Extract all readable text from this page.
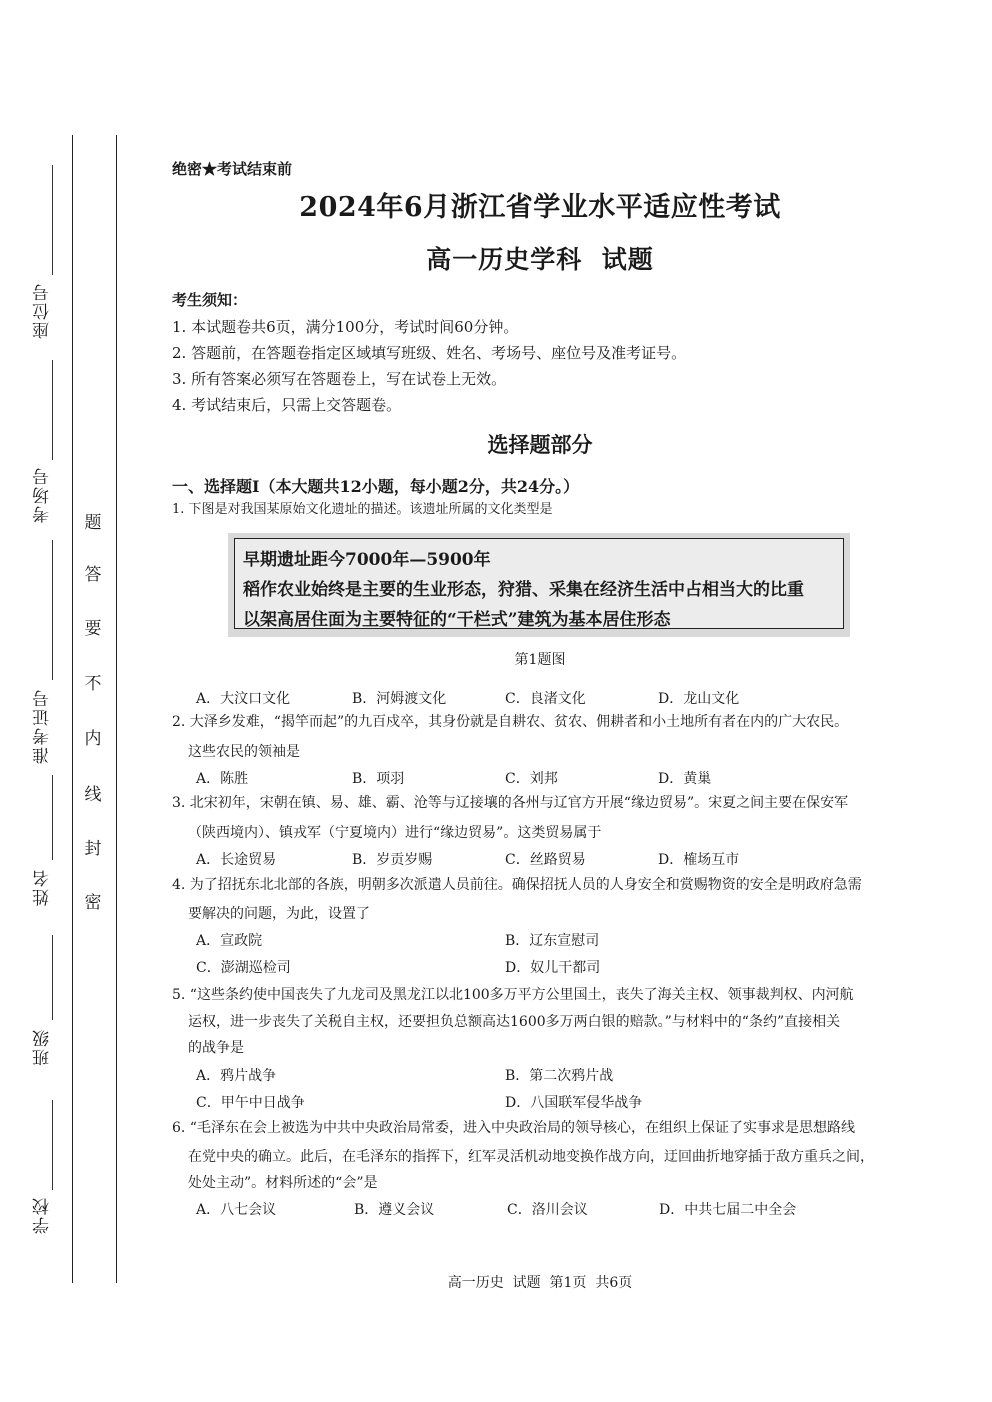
座位号
考场号
准考证号
姓名
班级
学校
题
答
要
不
内
线
封
密
绝密★考试结束前
2024年6月浙江省学业水平适应性考试
高一历史学科  试题
考生须知：
1. 本试题卷共6页，满分100分，考试时间60分钟。
2. 答题前，在答题卷指定区域填写班级、姓名、考场号、座位号及准考证号。
3. 所有答案必须写在答题卷上，写在试卷上无效。
4. 考试结束后，只需上交答题卷。
选择题部分
一、选择题Ⅰ（本大题共12小题，每小题2分，共24分。）
1. 下图是对我国某原始文化遗址的描述。该遗址所属的文化类型是
早期遗址距今7000年—5900年
稻作农业始终是主要的生业形态，狩猎、采集在经济生活中占相当大的比重
以架高居住面为主要特征的“干栏式”建筑为基本居住形态
第1题图
A．大汶口文化	B．河姆渡文化	C．良渚文化	D．龙山文化
2. 大泽乡发难，“揭竿而起”的九百戍卒，其身份就是自耕农、贫农、佣耕者和小土地所有者在内的广大农民。
这些农民的领袖是
A．陈胜	B．项羽	C．刘邦	D．黄巢
3. 北宋初年，宋朝在镇、易、雄、霸、沧等与辽接壤的各州与辽官方开展“缘边贸易”。宋夏之间主要在保安军
（陕西境内）、镇戎军（宁夏境内）进行“缘边贸易”。这类贸易属于
A．长途贸易	B．岁贡岁赐	C．丝路贸易	D．榷场互市
4. 为了招抚东北北部的各族，明朝多次派遣人员前往。确保招抚人员的人身安全和赏赐物资的安全是明政府急需
要解决的问题，为此，设置了
A．宣政院	B．辽东宣慰司
C．澎湖巡检司	D．奴儿干都司
5. “这些条约使中国丧失了九龙司及黑龙江以北100多万平方公里国土，丧失了海关主权、领事裁判权、内河航
运权，进一步丧失了关税自主权，还要担负总额高达1600多万两白银的赔款。”与材料中的“条约”直接相关
的战争是
A．鸦片战争	B．第二次鸦片战
C．甲午中日战争	D．八国联军侵华战争
6. “毛泽东在会上被选为中共中央政治局常委，进入中央政治局的领导核心，在组织上保证了实事求是思想路线
在党中央的确立。此后，在毛泽东的指挥下，红军灵活机动地变换作战方向，迂回曲折地穿插于敌方重兵之间，
处处主动”。材料所述的“会”是
A．八七会议	B．遵义会议	C．洛川会议	D．中共七届二中全会
高一历史  试题  第1页  共6页
